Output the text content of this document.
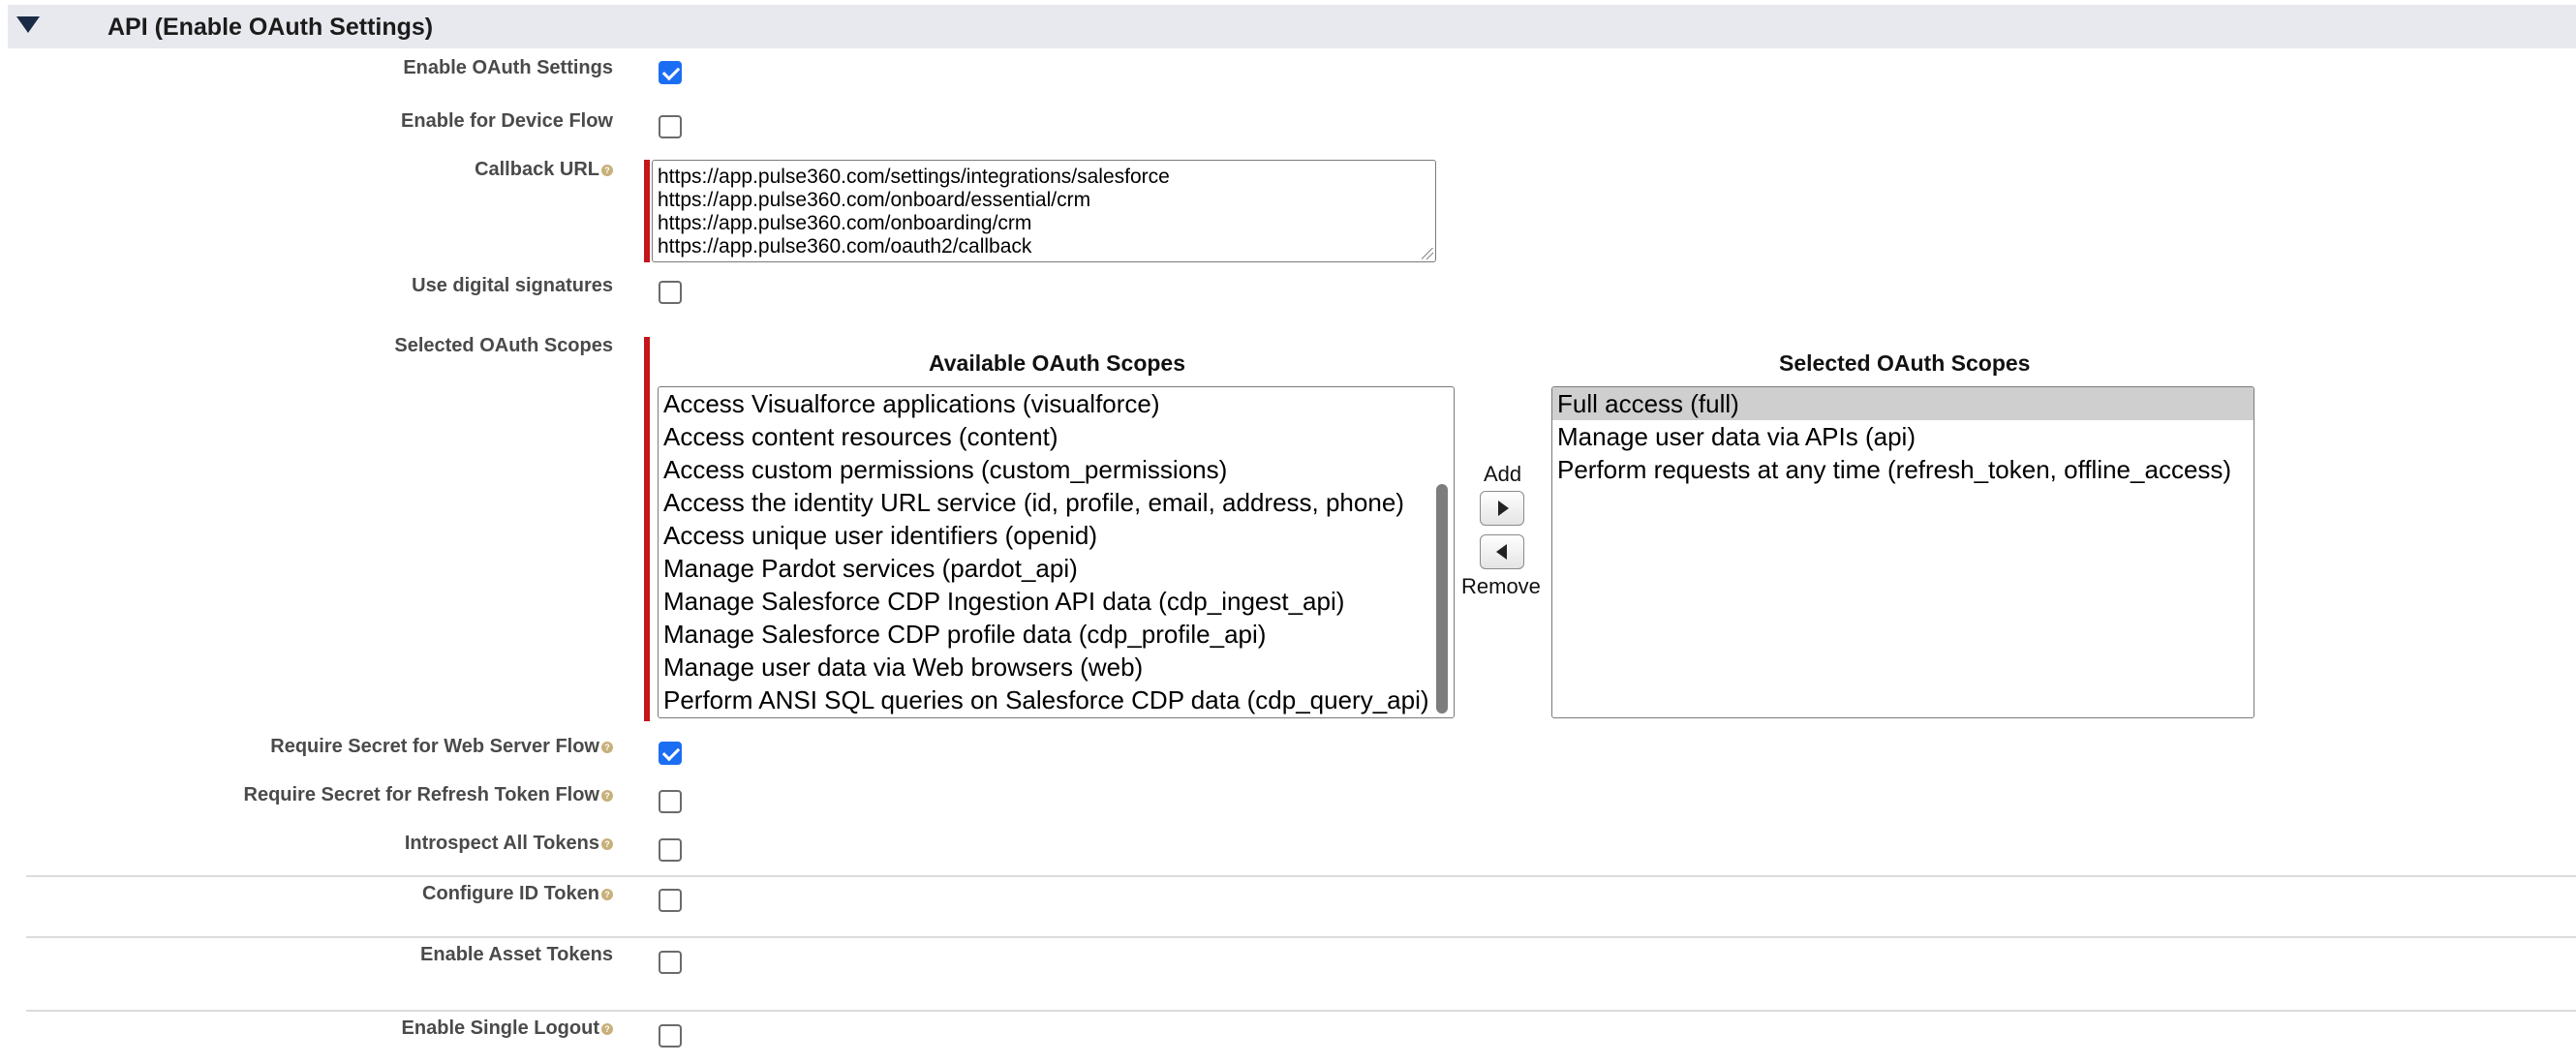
API (Enable OAuth Settings)
Enable OAuth Settings
Enable for Device Flow
Callback URL ? https://app.pulse360.com/settings/integrations/salesforce
https://app.pulse360.com/onboard/essential/crm
https://app.pulse360.com/onboarding/crm
https://app.pulse360.com/oauth2/callback
Use digital signatures
Selected OAuth Scopes
Available OAuth Scopes	Selected OAuth Scopes
Access Visualforce applications (visualforce)
Access content resources (content)
Access custom permissions (custom_permissions)
Access the identity URL service (id, profile, email, address, phone)
Access unique user identifiers (openid)
Manage Pardot services (pardot_api)
Manage Salesforce CDP Ingestion API data (cdp_ingest_api)
Manage Salesforce CDP profile data (cdp_profile_api)
Manage user data via Web browsers (web)
Perform ANSI SQL queries on Salesforce CDP data (cdp_query_api)
Add
Remove
Full access (full)
Manage user data via APIs (api)
Perform requests at any time (refresh_token, offline_access)
Require Secret for Web Server Flow ?
Require Secret for Refresh Token Flow ?
Introspect All Tokens ?
Configure ID Token ?
Enable Asset Tokens
Enable Single Logout ?
